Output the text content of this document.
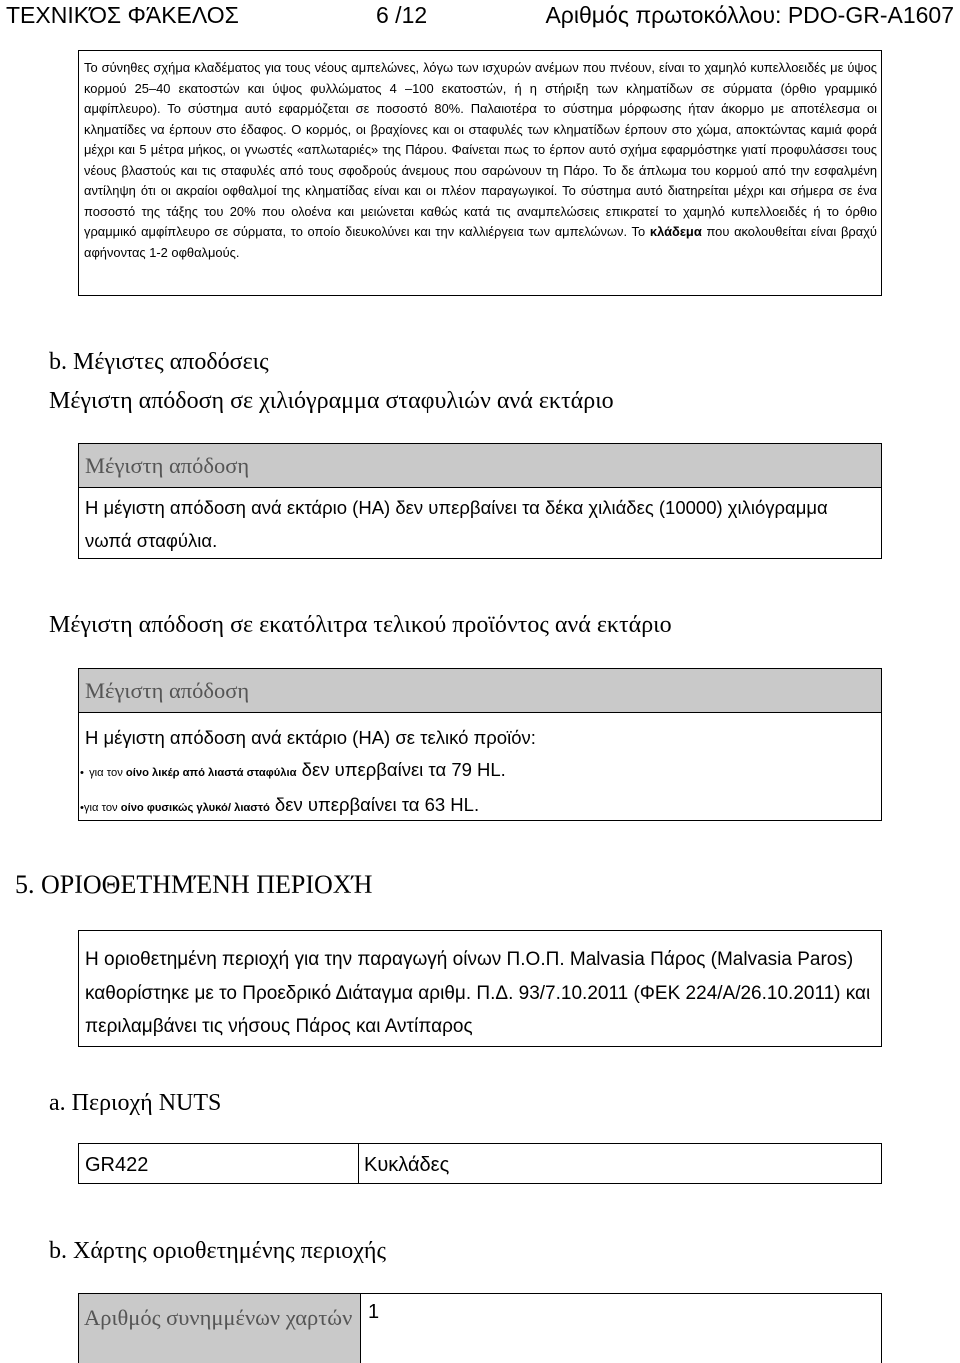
ΤΕΧΝΙΚΌΣ ΦΆΚΕΛΟΣ	6 /12	Αριθμός πρωτοκόλλου: PDO-GR-A1607
Το σύνηθες σχήμα κλαδέματος για τους νέους αμπελώνες, λόγω των ισχυρών ανέμων που πνέουν, είναι το χαμηλό κυπελλοειδές με ύψος κορμού 25–40 εκατοστών και ύψος φυλλώματος 4 –100 εκατοστών, ή η στήριξη των κληματίδων σε σύρματα (όρθιο γραμμικό αμφίπλευρο). Το σύστημα αυτό εφαρμόζεται σε ποσοστό 80%. Παλαιοτέρα το σύστημα μόρφωσης ήταν άκορμο με αποτέλεσμα οι κληματίδες να έρπουν στο έδαφος. Ο κορμός, οι βραχίονες και οι σταφυλές των κληματίδων έρπουν στο χώμα, αποκτώντας καμιά φορά μέχρι και 5 μέτρα μήκος, οι γνωστές «απλωταριές» της Πάρου. Φαίνεται πως το έρπον αυτό σχήμα εφαρμόστηκε γιατί προφυλάσσει τους νέους βλαστούς και τις σταφυλές από τους σφοδρούς άνεμους που σαρώνουν τη Πάρο. Το δε άπλωμα του κορμού από την εσφαλμένη αντίληψη ότι οι ακραίοι οφθαλμοί της κληματίδας είναι και οι πλέον παραγωγικοί. Το σύστημα αυτό διατηρείται μέχρι και σήμερα σε ένα ποσοστό της τάξης του 20% που ολοένα και μειώνεται καθώς κατά τις αναμπελώσεις επικρατεί το χαμηλό κυπελλοειδές ή το όρθιο γραμμικό αμφίπλευρο σε σύρματα, το οποίο διευκολύνει και την καλλιέργεια των αμπελώνων. Το κλάδεμα που ακολουθείται είναι βραχύ αφήνοντας 1-2 οφθαλμούς.
b. Μέγιστες αποδόσεις
Μέγιστη απόδοση σε χιλιόγραμμα σταφυλιών ανά εκτάριο
Μέγιστη απόδοση
Η μέγιστη απόδοση ανά εκτάριο (HA) δεν υπερβαίνει τα δέκα χιλιάδες (10000) χιλιόγραμμα νωπά σταφύλια.
Μέγιστη απόδοση σε εκατόλιτρα τελικού προϊόντος ανά εκτάριο
Μέγιστη απόδοση
Η μέγιστη απόδοση ανά εκτάριο (HA) σε τελικό προϊόν:
• για τον οίνο λικέρ από λιαστά σταφύλια δεν υπερβαίνει τα 79 HL.
•για τον οίνο φυσικώς γλυκό/ λιαστό δεν υπερβαίνει τα 63 HL.
5. ΟΡΙΟΘΕΤΗΜΈΝΗ ΠΕΡΙΟΧΉ
Η οριοθετημένη περιοχή για την παραγωγή οίνων Π.Ο.Π. Malvasia Πάρος (Malvasia Paros) καθορίστηκε με το Προεδρικό Διάταγμα αριθμ. Π.Δ. 93/7.10.2011 (ΦΕΚ 224/Α/26.10.2011) και περιλαμβάνει τις νήσους Πάρος και Αντίπαρος
a. Περιοχή NUTS
GR422	Κυκλάδες
b. Χάρτης οριοθετημένης περιοχής
Αριθμός συνημμένων χαρτών 1
